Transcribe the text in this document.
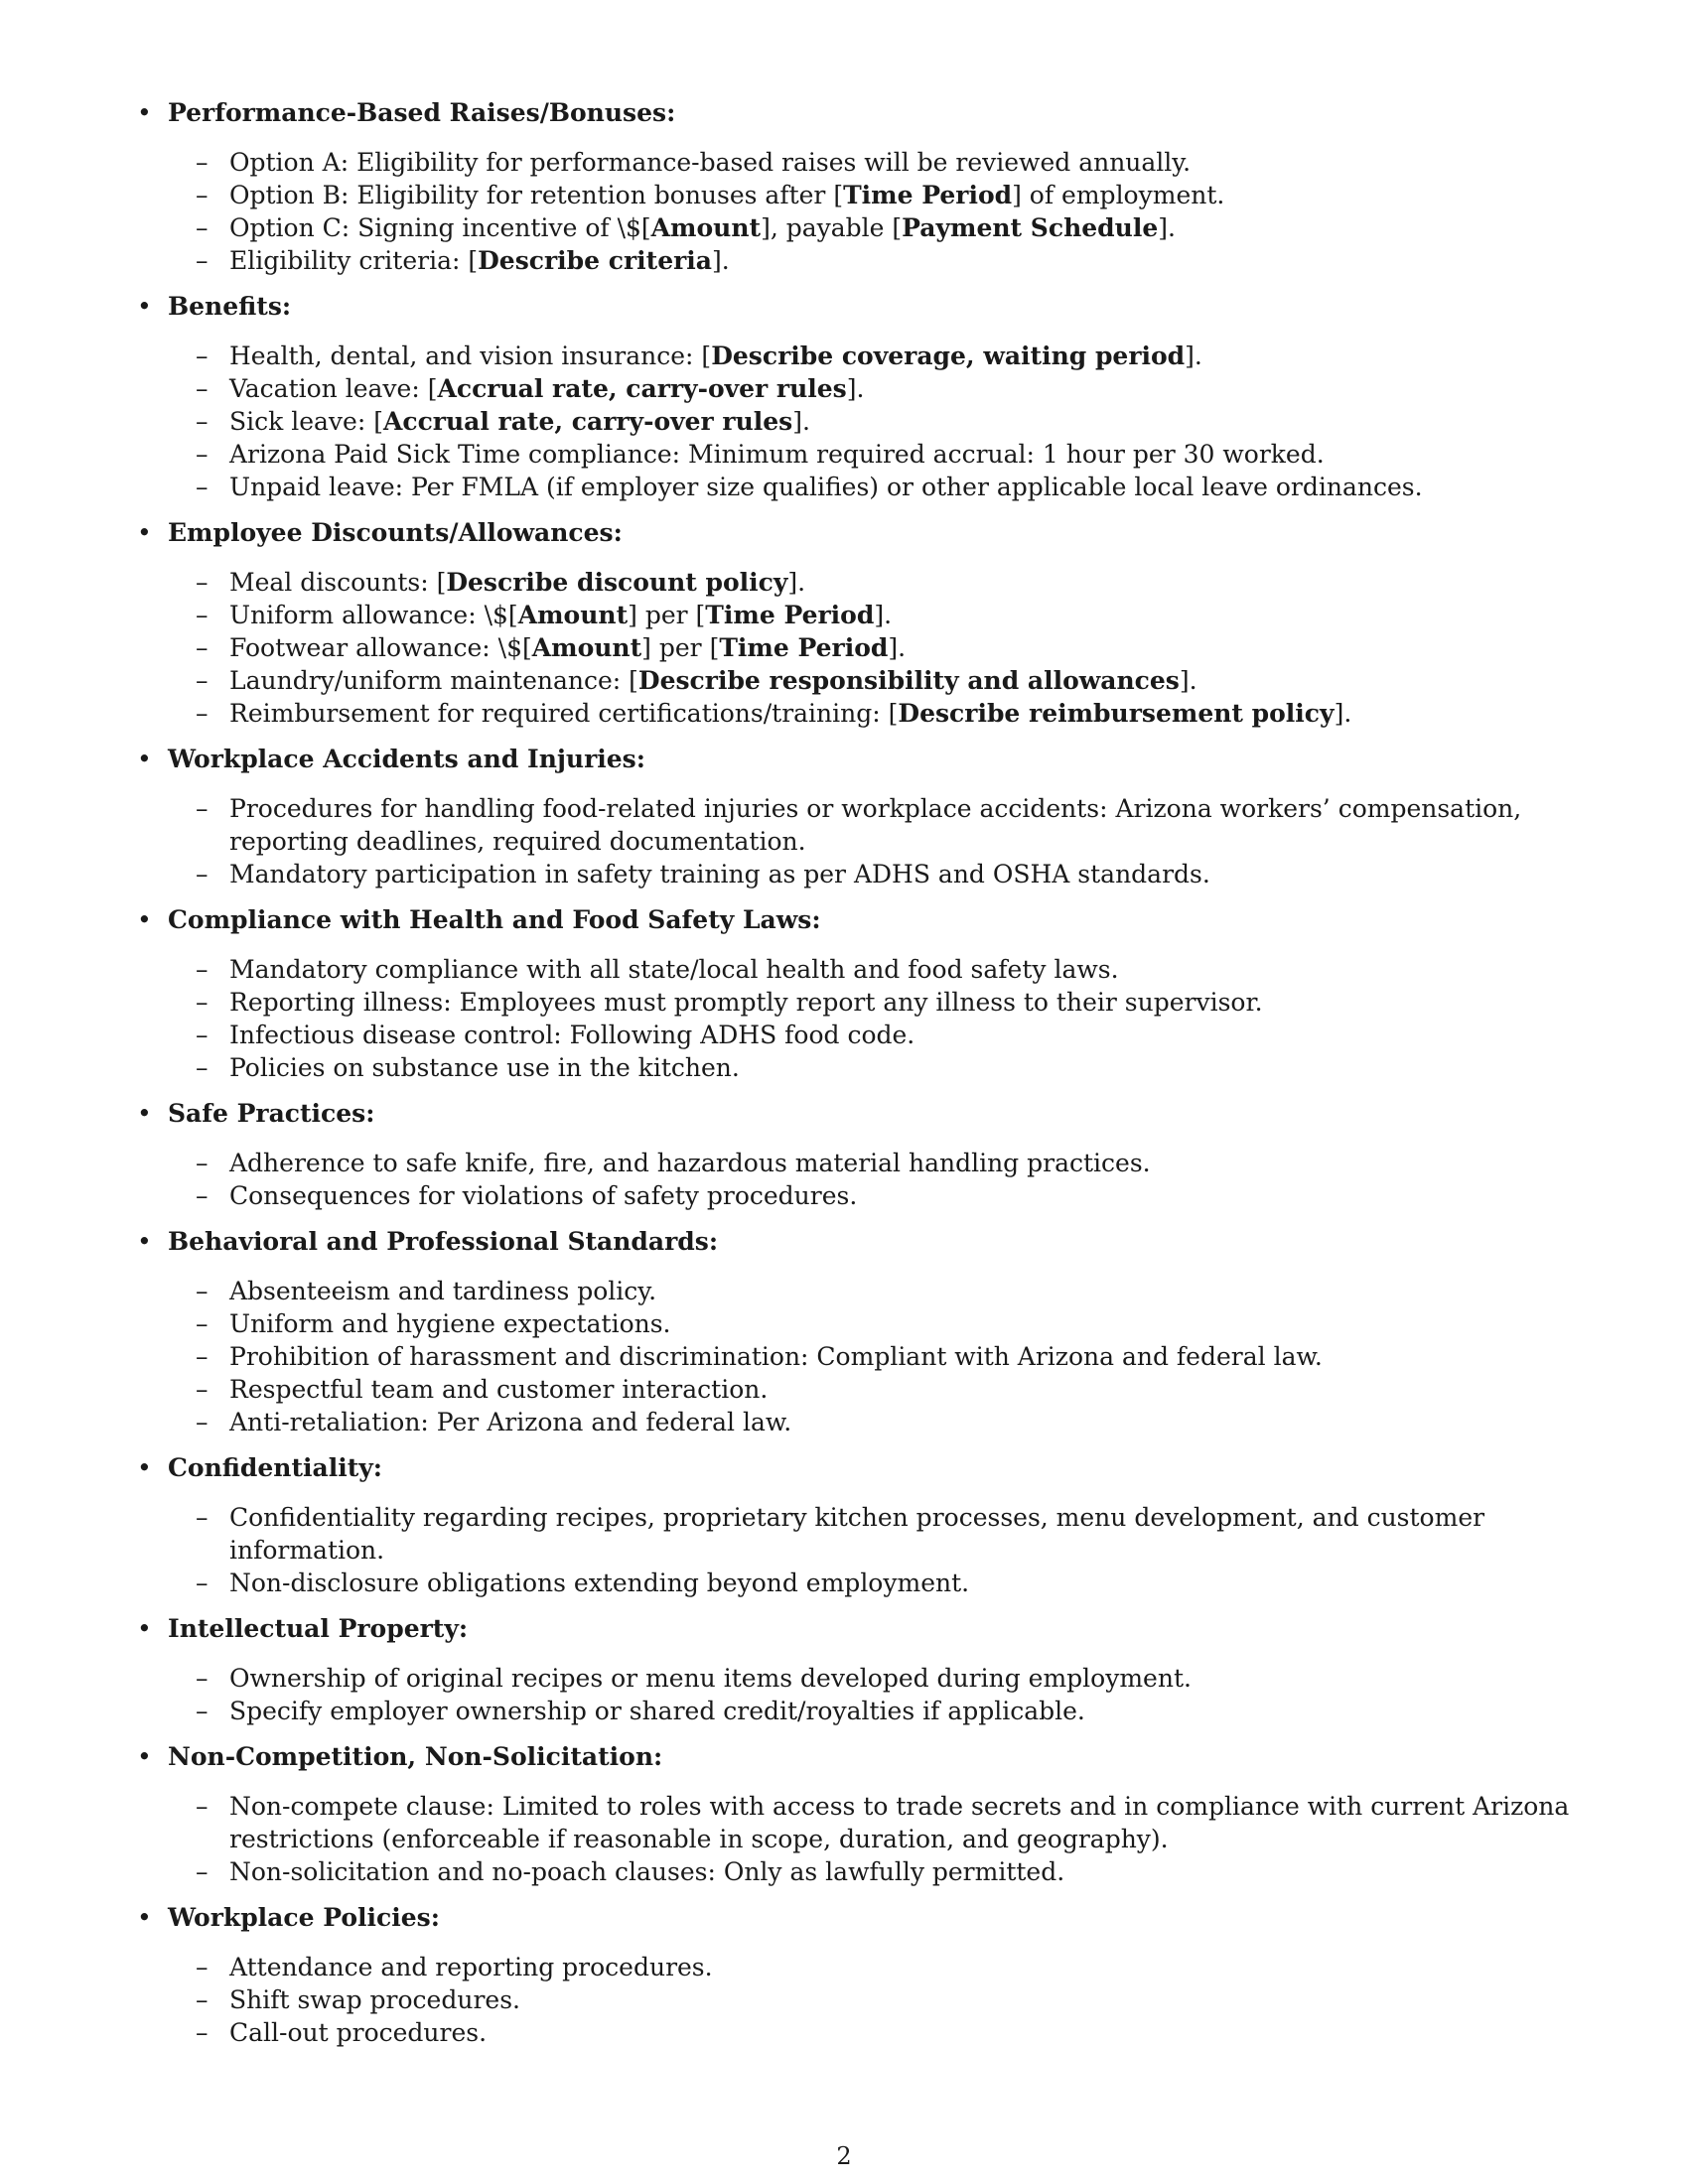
• Performance-Based Raises/Bonuses:
– Option A: Eligibility for performance-based raises will be reviewed annually.
– Option B: Eligibility for retention bonuses after [Time Period] of employment.
– Option C: Signing incentive of \$[Amount], payable [Payment Schedule].
– Eligibility criteria: [Describe criteria].
• Benefits:
– Health, dental, and vision insurance: [Describe coverage, waiting period].
– Vacation leave: [Accrual rate, carry-over rules].
– Sick leave: [Accrual rate, carry-over rules].
– Arizona Paid Sick Time compliance: Minimum required accrual: 1 hour per 30 worked.
– Unpaid leave: Per FMLA (if employer size qualifies) or other applicable local leave ordinances.
• Employee Discounts/Allowances:
– Meal discounts: [Describe discount policy].
– Uniform allowance: \$[Amount] per [Time Period].
– Footwear allowance: \$[Amount] per [Time Period].
– Laundry/uniform maintenance: [Describe responsibility and allowances].
– Reimbursement for required certifications/training: [Describe reimbursement policy].
• Workplace Accidents and Injuries:
– Procedures for handling food-related injuries or workplace accidents: Arizona workers’ compensation, reporting deadlines, required documentation.
– Mandatory participation in safety training as per ADHS and OSHA standards.
• Compliance with Health and Food Safety Laws:
– Mandatory compliance with all state/local health and food safety laws.
– Reporting illness: Employees must promptly report any illness to their supervisor.
– Infectious disease control: Following ADHS food code.
– Policies on substance use in the kitchen.
• Safe Practices:
– Adherence to safe knife, fire, and hazardous material handling practices.
– Consequences for violations of safety procedures.
• Behavioral and Professional Standards:
– Absenteeism and tardiness policy.
– Uniform and hygiene expectations.
– Prohibition of harassment and discrimination: Compliant with Arizona and federal law.
– Respectful team and customer interaction.
– Anti-retaliation: Per Arizona and federal law.
• Confidentiality:
– Confidentiality regarding recipes, proprietary kitchen processes, menu development, and customer information.
– Non-disclosure obligations extending beyond employment.
• Intellectual Property:
– Ownership of original recipes or menu items developed during employment.
– Specify employer ownership or shared credit/royalties if applicable.
• Non-Competition, Non-Solicitation:
– Non-compete clause: Limited to roles with access to trade secrets and in compliance with current Arizona restrictions (enforceable if reasonable in scope, duration, and geography).
– Non-solicitation and no-poach clauses: Only as lawfully permitted.
• Workplace Policies:
– Attendance and reporting procedures.
– Shift swap procedures.
– Call-out procedures.
2
